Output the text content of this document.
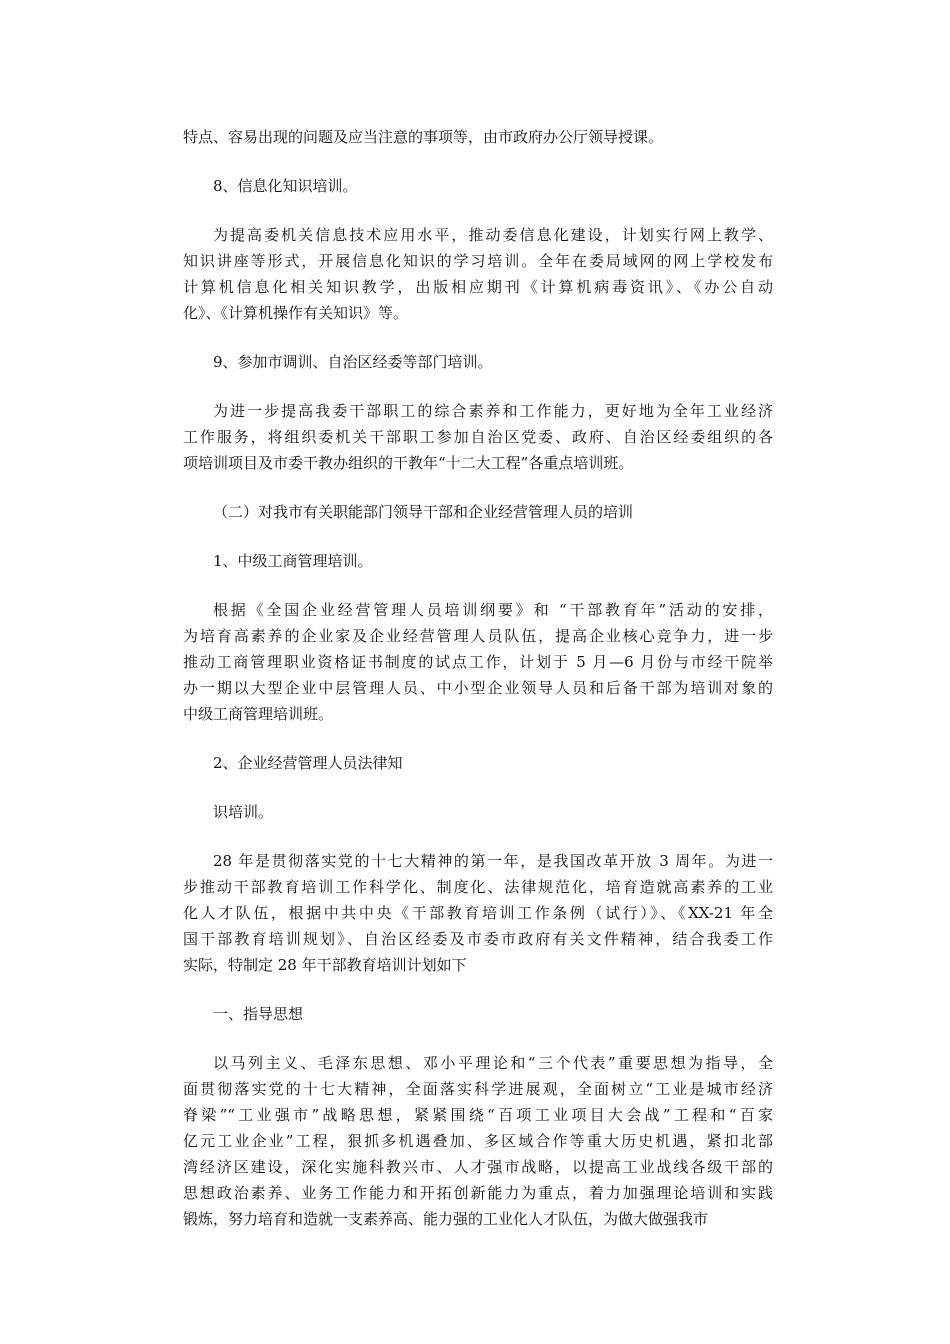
特点、容易出现的问题及应当注意的事项等，由市政府办公厅领导授课。
8、信息化知识培训。
为提高委机关信息技术应用水平，推动委信息化建设，计划实行网上教学、
知识讲座等形式，开展信息化知识的学习培训。全年在委局域网的网上学校发布
计算机信息化相关知识教学，出版相应期刊《计算机病毒资讯》、《办公自动
化》、《计算机操作有关知识》等。
9、参加市调训、自治区经委等部门培训。
为进一步提高我委干部职工的综合素养和工作能力，更好地为全年工业经济
工作服务，将组织委机关干部职工参加自治区党委、政府、自治区经委组织的各
项培训项目及市委干教办组织的干教年“十二大工程”各重点培训班。
（二）对我市有关职能部门领导干部和企业经营管理人员的培训
1、中级工商管理培训。
根据《全国企业经营管理人员培训纲要》和 “干部教育年”活动的安排，
为培育高素养的企业家及企业经营管理人员队伍，提高企业核心竞争力，进一步
推动工商管理职业资格证书制度的试点工作，计划于 5 月—6 月份与市经干院举
办一期以大型企业中层管理人员、中小型企业领导人员和后备干部为培训对象的
中级工商管理培训班。
2、企业经营管理人员法律知
识培训。
28 年是贯彻落实党的十七大精神的第一年，是我国改革开放 3 周年。为进一
步推动干部教育培训工作科学化、制度化、法律规范化，培育造就高素养的工业
化人才队伍，根据中共中央《干部教育培训工作条例（试行）》、《XX-21 年全
国干部教育培训规划》、自治区经委及市委市政府有关文件精神，结合我委工作
实际，特制定 28 年干部教育培训计划如下
一、指导思想
以马列主义、毛泽东思想、邓小平理论和“三个代表”重要思想为指导，全
面贯彻落实党的十七大精神，全面落实科学进展观，全面树立“工业是城市经济
脊梁”“工业强市”战略思想，紧紧围绕“百项工业项目大会战”工程和“百家
亿元工业企业”工程，狠抓多机遇叠加、多区域合作等重大历史机遇，紧扣北部
湾经济区建设，深化实施科教兴市、人才强市战略，以提高工业战线各级干部的
思想政治素养、业务工作能力和开拓创新能力为重点，着力加强理论培训和实践
锻炼，努力培育和造就一支素养高、能力强的工业化人才队伍，为做大做强我市
